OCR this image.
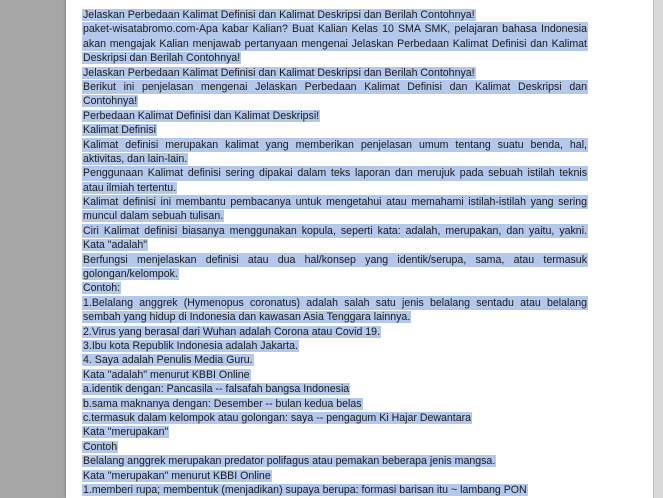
Jelaskan Perbedaan Kalimat Definisi dan Kalimat Deskripsi dan Berilah Contohnya!
paket-wisatabromo.com-Apa kabar Kalian? Buat Kalian Kelas 10 SMA SMK, pelajaran bahasa Indonesia
akan mengajak Kalian menjawab pertanyaan mengenai Jelaskan Perbedaan Kalimat Definisi dan Kalimat
Deskripsi dan Berilah Contohnya!
Jelaskan Perbedaan Kalimat Definisi dan Kalimat Deskripsi dan Berilah Contohnya!
Berikut ini penjelasan mengenai Jelaskan Perbedaan Kalimat Definisi dan Kalimat Deskripsi dan
Contohnya!
Perbedaan Kalimat Definisi dan Kalimat Deskripsi!
Kalimat Definisi
Kalimat definisi merupakan kalimat yang memberikan penjelasan umum tentang suatu benda, hal,
aktivitas, dan lain-lain.
Penggunaan Kalimat definisi sering dipakai dalam teks laporan dan merujuk pada sebuah istilah teknis
atau ilmiah tertentu.
Kalimat definisi ini membantu pembacanya untuk mengetahui atau memahami istilah-istilah yang sering
muncul dalam sebuah tulisan.
Ciri Kalimat definisi biasanya menggunakan kopula, seperti kata: adalah, merupakan, dan yaitu, yakni.
Kata "adalah"
Berfungsi menjelaskan definisi atau dua hal/konsep yang identik/serupa, sama, atau termasuk
golongan/kelompok.
Contoh:
1.Belalang anggrek (Hymenopus coronatus) adalah salah satu jenis belalang sentadu atau belalang
sembah yang hidup di Indonesia dan kawasan Asia Tenggara lainnya.
2.Virus yang berasal dari Wuhan adalah Corona atau Covid 19.
3.Ibu kota Republik Indonesia adalah Jakarta.
4. Saya adalah Penulis Media Guru.
Kata "adalah" menurut KBBI Online
a.identik dengan: Pancasila -- falsafah bangsa Indonesia
b.sama maknanya dengan: Desember -- bulan kedua belas
c.termasuk dalam kelompok atau golongan: saya -- pengagum Ki Hajar Dewantara
Kata "merupakan"
Contoh
Belalang anggrek merupakan predator polifagus atau pemakan beberapa jenis mangsa.
Kata "merupakan" menurut KBBI Online
1.memberi rupa; membentuk (menjadikan) supaya berupa: formasi barisan itu ~ lambang PON
